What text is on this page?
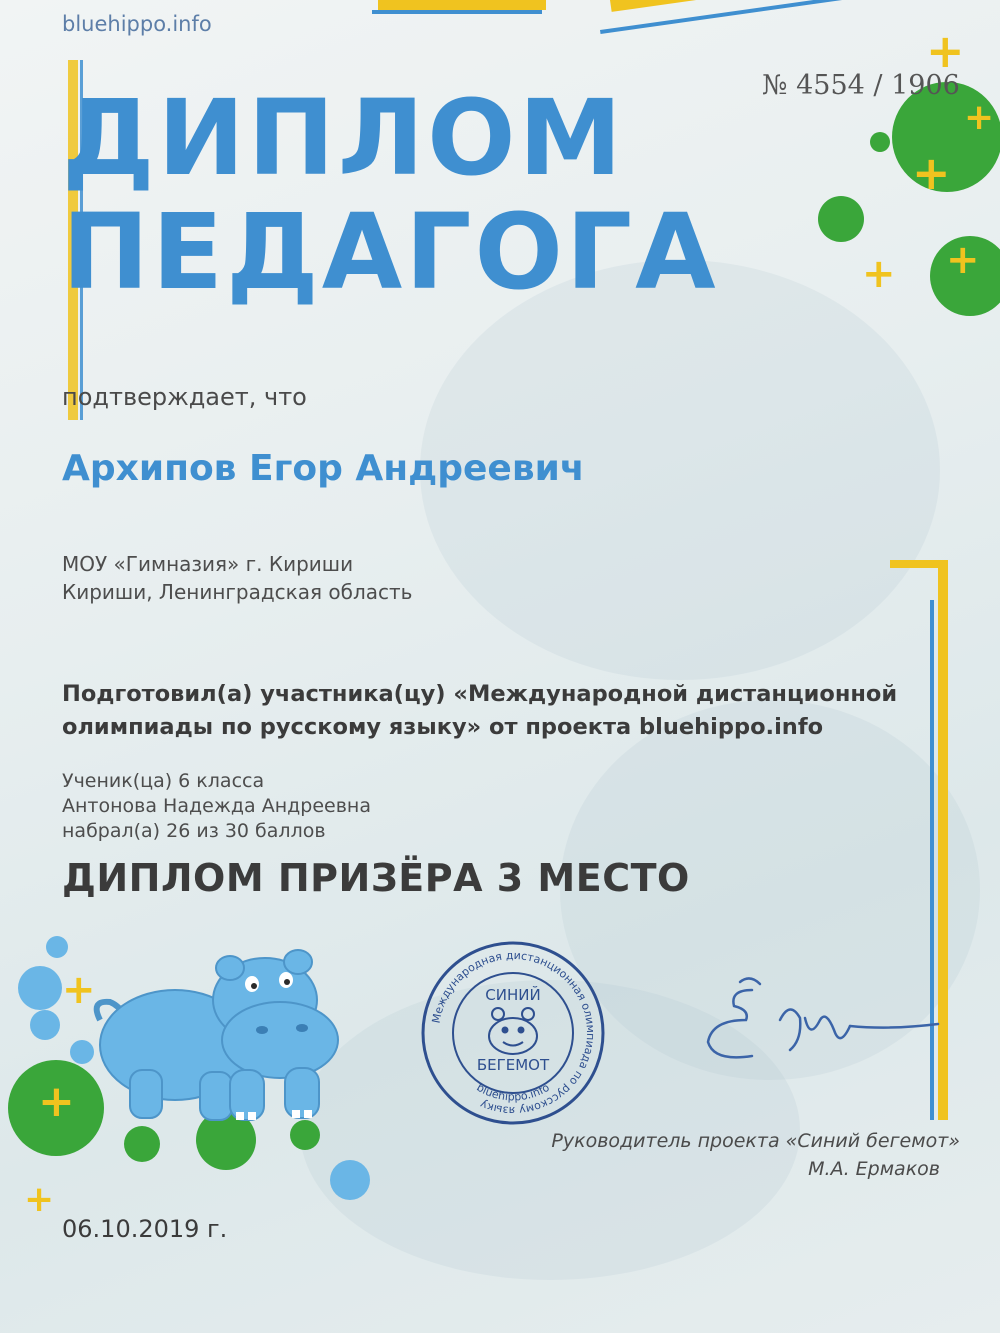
+
+
+ +
+
+
+
+
bluehippo.info
№ 4554 / 1906
ДИПЛОМ
ПЕДАГОГА
подтверждает, что
Архипов Егор Андреевич
МОУ «Гимназия» г. Кириши
Кириши, Ленинградская область
Подготовил(а) участника(цу) «Международной дистанционной
олимпиады по русскому языку» от проекта bluehippo.info
Ученик(ца) 6 класса
Антонова Надежда Андреевна
набрал(а) 26 из 30 баллов
ДИПЛОМ ПРИЗЁРА 3 МЕСТО
Международная дистанционная олимпиада по русскому языку
bluehippo.info
СИНИЙ
БЕГЕМОТ
Руководитель проекта «Синий бегемот»
М.А. Ермаков
06.10.2019 г.
